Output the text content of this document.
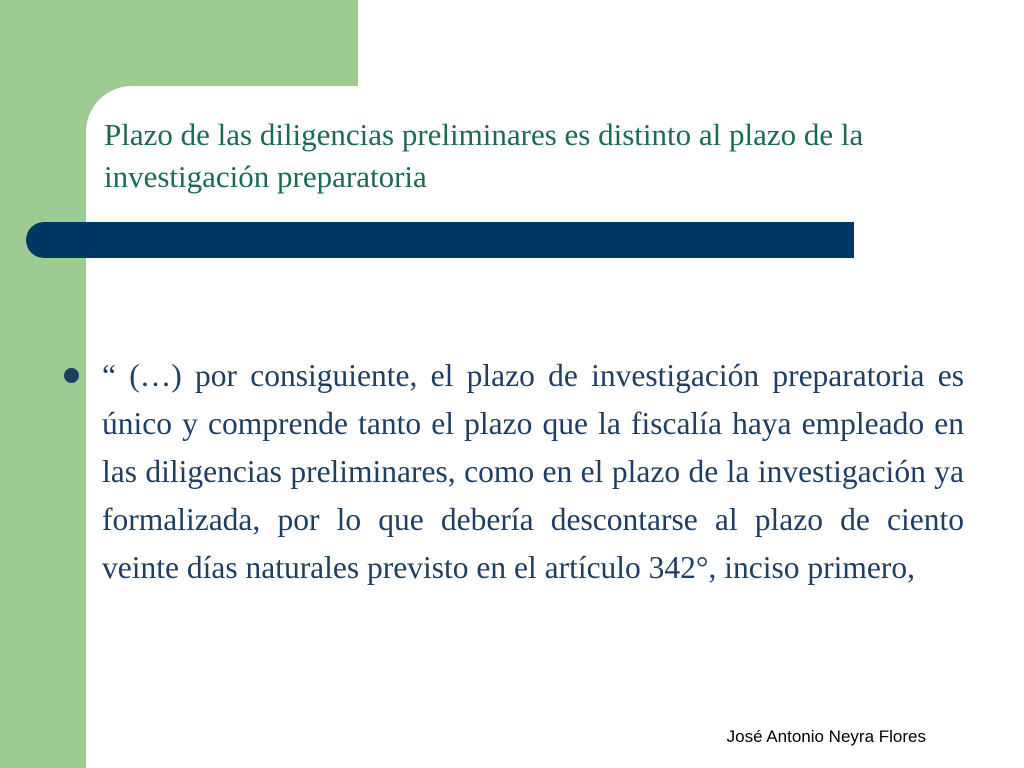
Plazo de las diligencias preliminares es distinto al plazo de la investigación preparatoria

“ (…) por consiguiente, el plazo de investigación preparatoria es único y comprende tanto el plazo que la fiscalía haya empleado en las diligencias preliminares, como en el plazo de la investigación ya formalizada, por lo que debería descontarse al plazo de ciento veinte días naturales previsto en el artículo 342°, inciso primero,

José Antonio Neyra Flores
